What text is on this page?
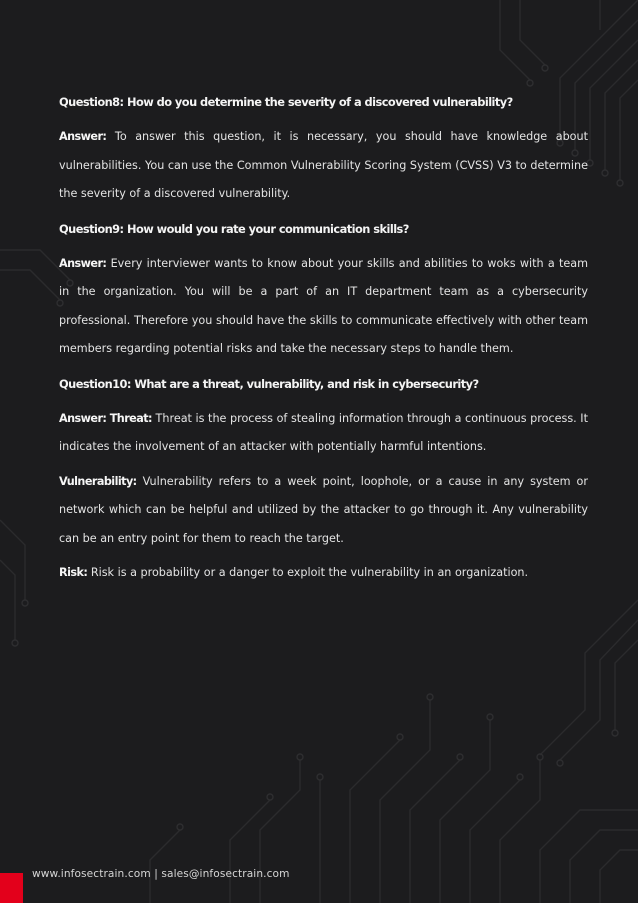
Question8: How do you determine the severity of a discovered vulnerability?

Answer: To answer this question, it is necessary, you should have knowledge about vulnerabilities. You can use the Common Vulnerability Scoring System (CVSS) V3 to determine the severity of a discovered vulnerability.

Question9: How would you rate your communication skills?

Answer: Every interviewer wants to know about your skills and abilities to woks with a team in the organization. You will be a part of an IT department team as a cybersecurity professional. Therefore you should have the skills to communicate effectively with other team members regarding potential risks and take the necessary steps to handle them.

Question10: What are a threat, vulnerability, and risk in cybersecurity?

Answer: Threat: Threat is the process of stealing information through a continuous process. It indicates the involvement of an attacker with potentially harmful intentions.

Vulnerability: Vulnerability refers to a week point, loophole, or a cause in any system or network which can be helpful and utilized by the attacker to go through it. Any vulnerability can be an entry point for them to reach the target.

Risk: Risk is a probability or a danger to exploit the vulnerability in an organization.

www.infosectrain.com | sales@infosectrain.com
